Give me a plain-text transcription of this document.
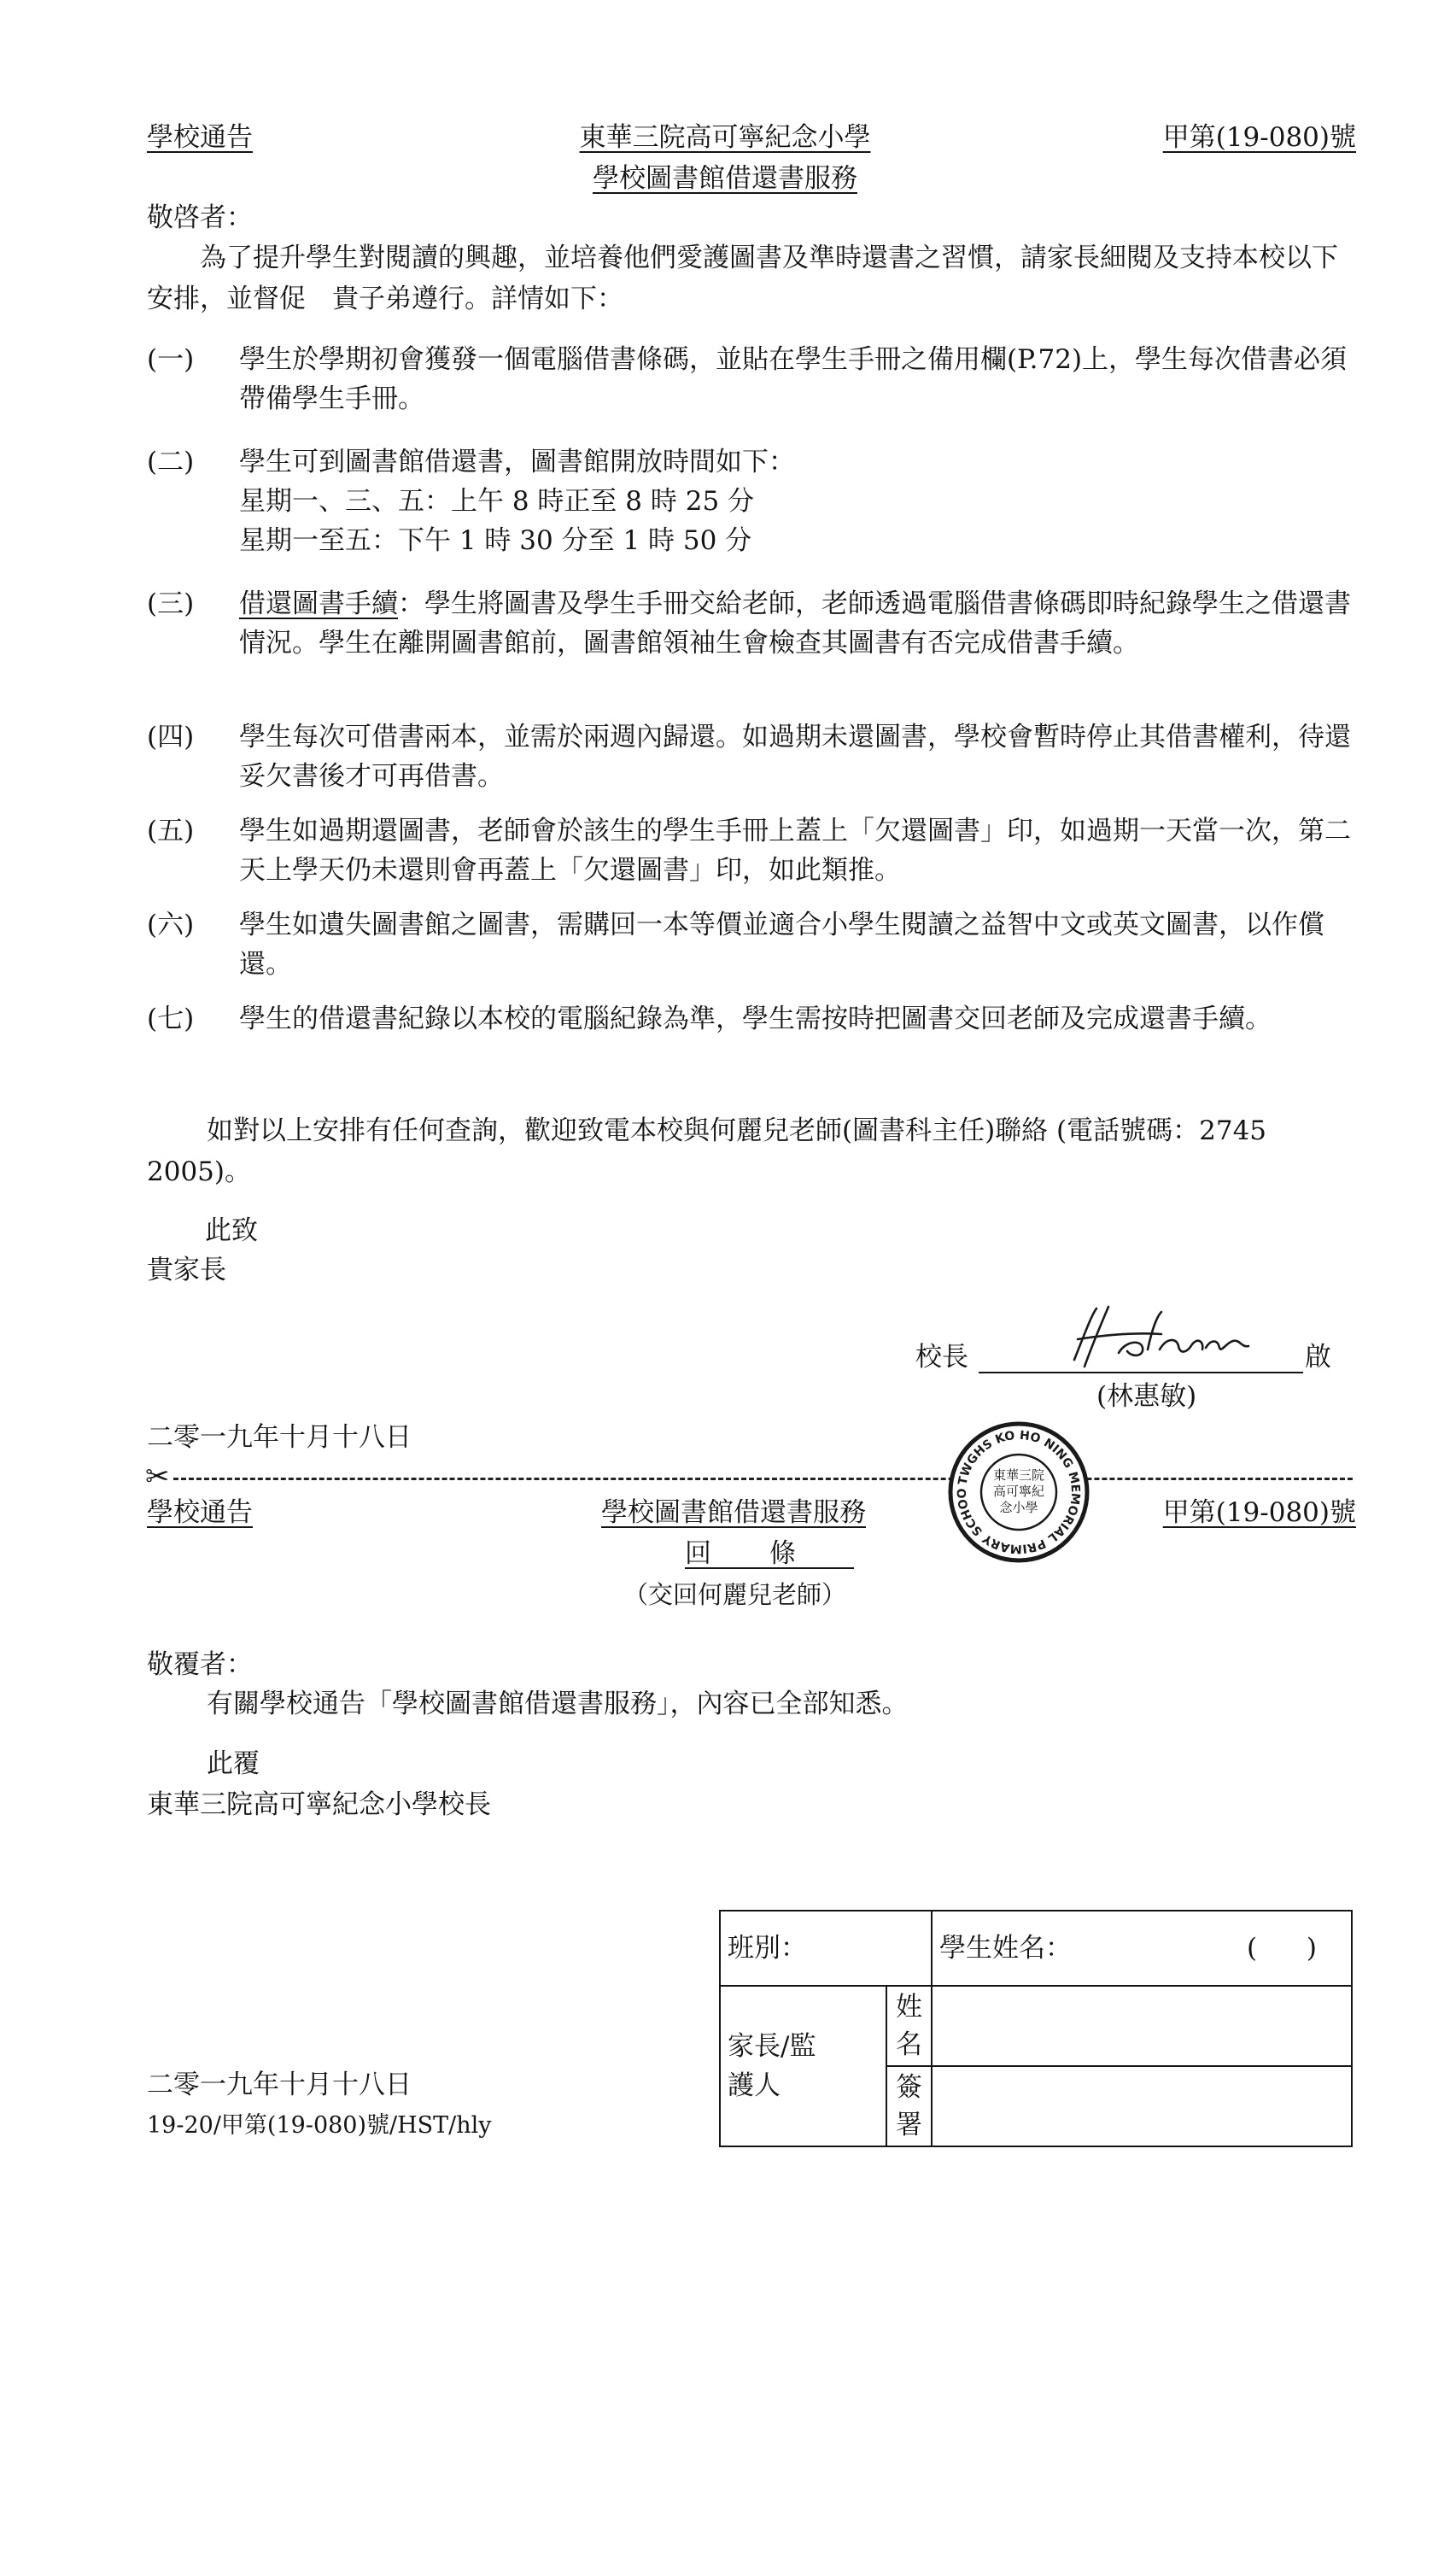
學校通告	東華三院高可寧紀念小學
學校圖書館借還書服務
甲第(19-080)號
敬啓者：
為了提升學生對閱讀的興趣，並培養他們愛護圖書及準時還書之習慣，請家長細閱及支持本校以下安排，並督促　貴子弟遵行。詳情如下：
(一)	學生於學期初會獲發一個電腦借書條碼，並貼在學生手冊之備用欄(P.72)上，學生每次借書必須帶備學生手冊。
(二)	學生可到圖書館借還書，圖書館開放時間如下：
星期一、三、五：上午 8 時正至 8 時 25 分
星期一至五：下午 1 時 30 分至 1 時 50 分
(三)	借還圖書手續：學生將圖書及學生手冊交給老師，老師透過電腦借書條碼即時紀錄學生之借還書情況。學生在離開圖書館前，圖書館領袖生會檢查其圖書有否完成借書手續。
(四)	學生每次可借書兩本，並需於兩週內歸還。如過期未還圖書，學校會暫時停止其借書權利，待還妥欠書後才可再借書。
(五)	學生如過期還圖書，老師會於該生的學生手冊上蓋上「欠還圖書」印，如過期一天當一次，第二天上學天仍未還則會再蓋上「欠還圖書」印，如此類推。
(六)	學生如遺失圖書館之圖書，需購回一本等價並適合小學生閱讀之益智中文或英文圖書，以作償還。
(七)	學生的借還書紀錄以本校的電腦紀錄為準，學生需按時把圖書交回老師及完成還書手續。
如對以上安排有任何查詢，歡迎致電本校與何麗兒老師(圖書科主任)聯絡 (電話號碼：2745 2005)。
此致
貴家長
校長	啟
(林惠敏)
二零一九年十月十八日
✂	TWGHS KO HO NING MEMORIAL PRIMARY SCHOO
東華三院高可寧紀念小學
學校通告	學校圖書館借還書服務	甲第(19-080)號
回條
（交回何麗兒老師）
敬覆者：
有關學校通告「學校圖書館借還書服務」，內容已全部知悉。
此覆
東華三院高可寧紀念小學校長
班別：		學生姓名： ( )

家長/監護人	姓名	

	簽署	

二零一九年十月十八日
19-20/甲第(19-080)號/HST/hly
